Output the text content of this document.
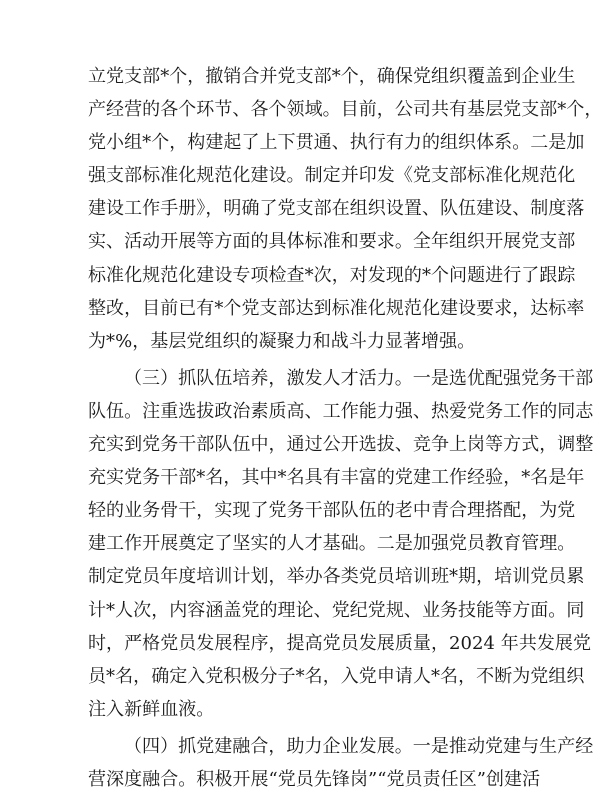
立党支部*个，撤销合并党支部*个，确保党组织覆盖到企业生
产经营的各个环节、各个领域。目前，公司共有基层党支部*个，
党小组*个，构建起了上下贯通、执行有力的组织体系。二是加
强支部标准化规范化建设。制定并印发《党支部标准化规范化
建设工作手册》，明确了党支部在组织设置、队伍建设、制度落
实、活动开展等方面的具体标准和要求。全年组织开展党支部
标准化规范化建设专项检查*次，对发现的*个问题进行了跟踪
整改，目前已有*个党支部达到标准化规范化建设要求，达标率
为*%，基层党组织的凝聚力和战斗力显著增强。
（三）抓队伍培养，激发人才活力。一是选优配强党务干部
队伍。注重选拔政治素质高、工作能力强、热爱党务工作的同志
充实到党务干部队伍中，通过公开选拔、竞争上岗等方式，调整
充实党务干部*名，其中*名具有丰富的党建工作经验，*名是年
轻的业务骨干，实现了党务干部队伍的老中青合理搭配，为党
建工作开展奠定了坚实的人才基础。二是加强党员教育管理。
制定党员年度培训计划，举办各类党员培训班*期，培训党员累
计*人次，内容涵盖党的理论、党纪党规、业务技能等方面。同
时，严格党员发展程序，提高党员发展质量，2024 年共发展党
员*名，确定入党积极分子*名，入党申请人*名，不断为党组织
注入新鲜血液。
（四）抓党建融合，助力企业发展。一是推动党建与生产经
营深度融合。积极开展“党员先锋岗”“党员责任区”创建活
